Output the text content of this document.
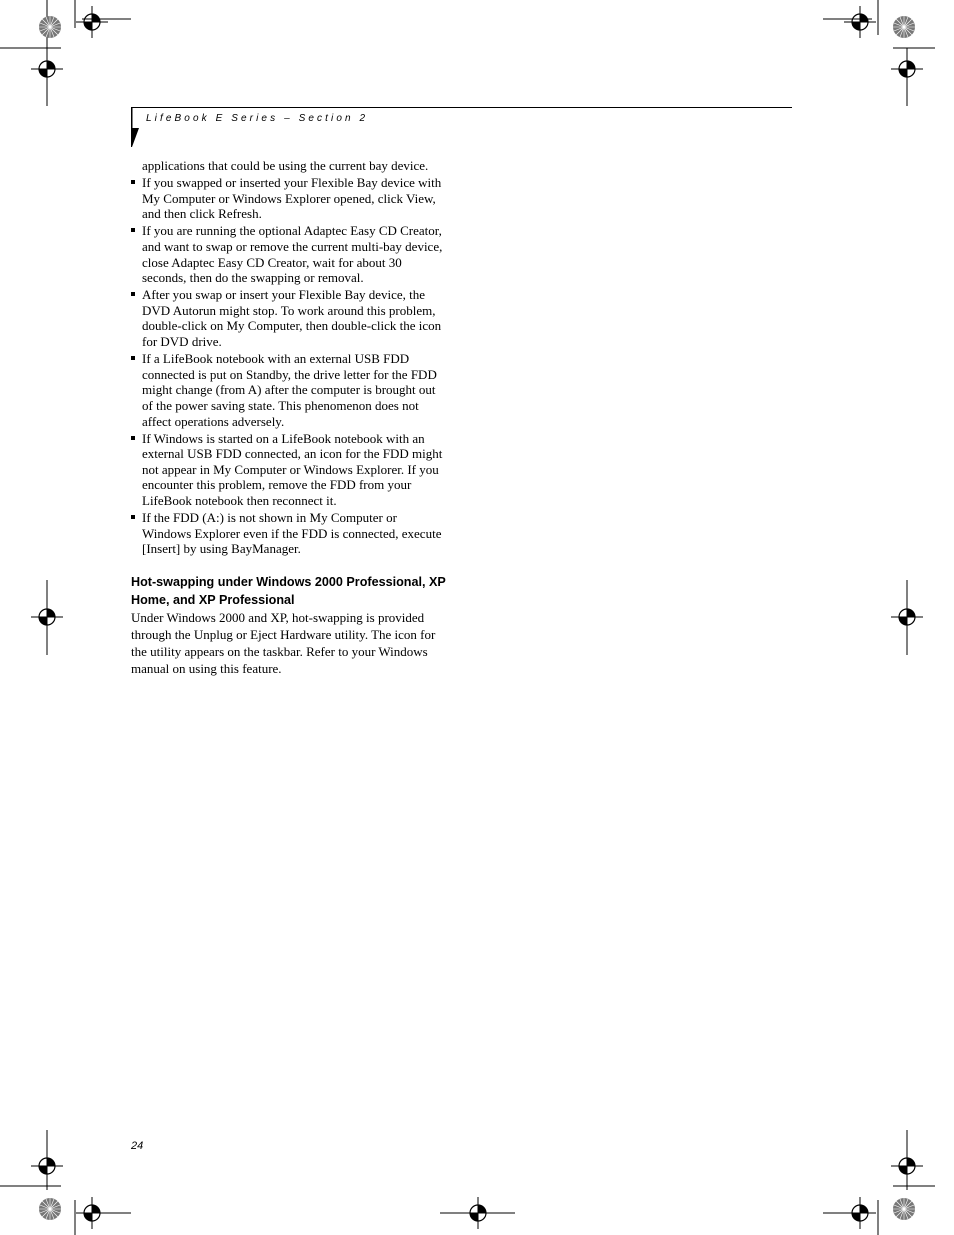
LifeBook E Series – Section 2

applications that could be using the current bay device.

If you swapped or inserted your Flexible Bay device with My Computer or Windows Explorer opened, click View, and then click Refresh.
If you are running the optional Adaptec Easy CD Creator, and want to swap or remove the current multi-bay device, close Adaptec Easy CD Creator, wait for about 30 seconds, then do the swapping or removal.
After you swap or insert your Flexible Bay device, the DVD Autorun might stop. To work around this problem, double-click on My Computer, then double-click the icon for DVD drive.
If a LifeBook notebook with an external USB FDD connected is put on Standby, the drive letter for the FDD might change (from A) after the computer is brought out of the power saving state. This phenomenon does not affect operations adversely.
If Windows is started on a LifeBook notebook with an external USB FDD connected, an icon for the FDD might not appear in My Computer or Windows Explorer. If you encounter this problem, remove the FDD from your LifeBook notebook then reconnect it.
If the FDD (A:) is not shown in My Computer or Windows Explorer even if the FDD is connected, execute [Insert] by using BayManager.
Hot-swapping under Windows 2000 Professional, XP Home, and XP Professional

Under Windows 2000 and XP, hot-swapping is provided through the Unplug or Eject Hardware utility. The icon for the utility appears on the taskbar. Refer to your Windows manual on using this feature.

24
